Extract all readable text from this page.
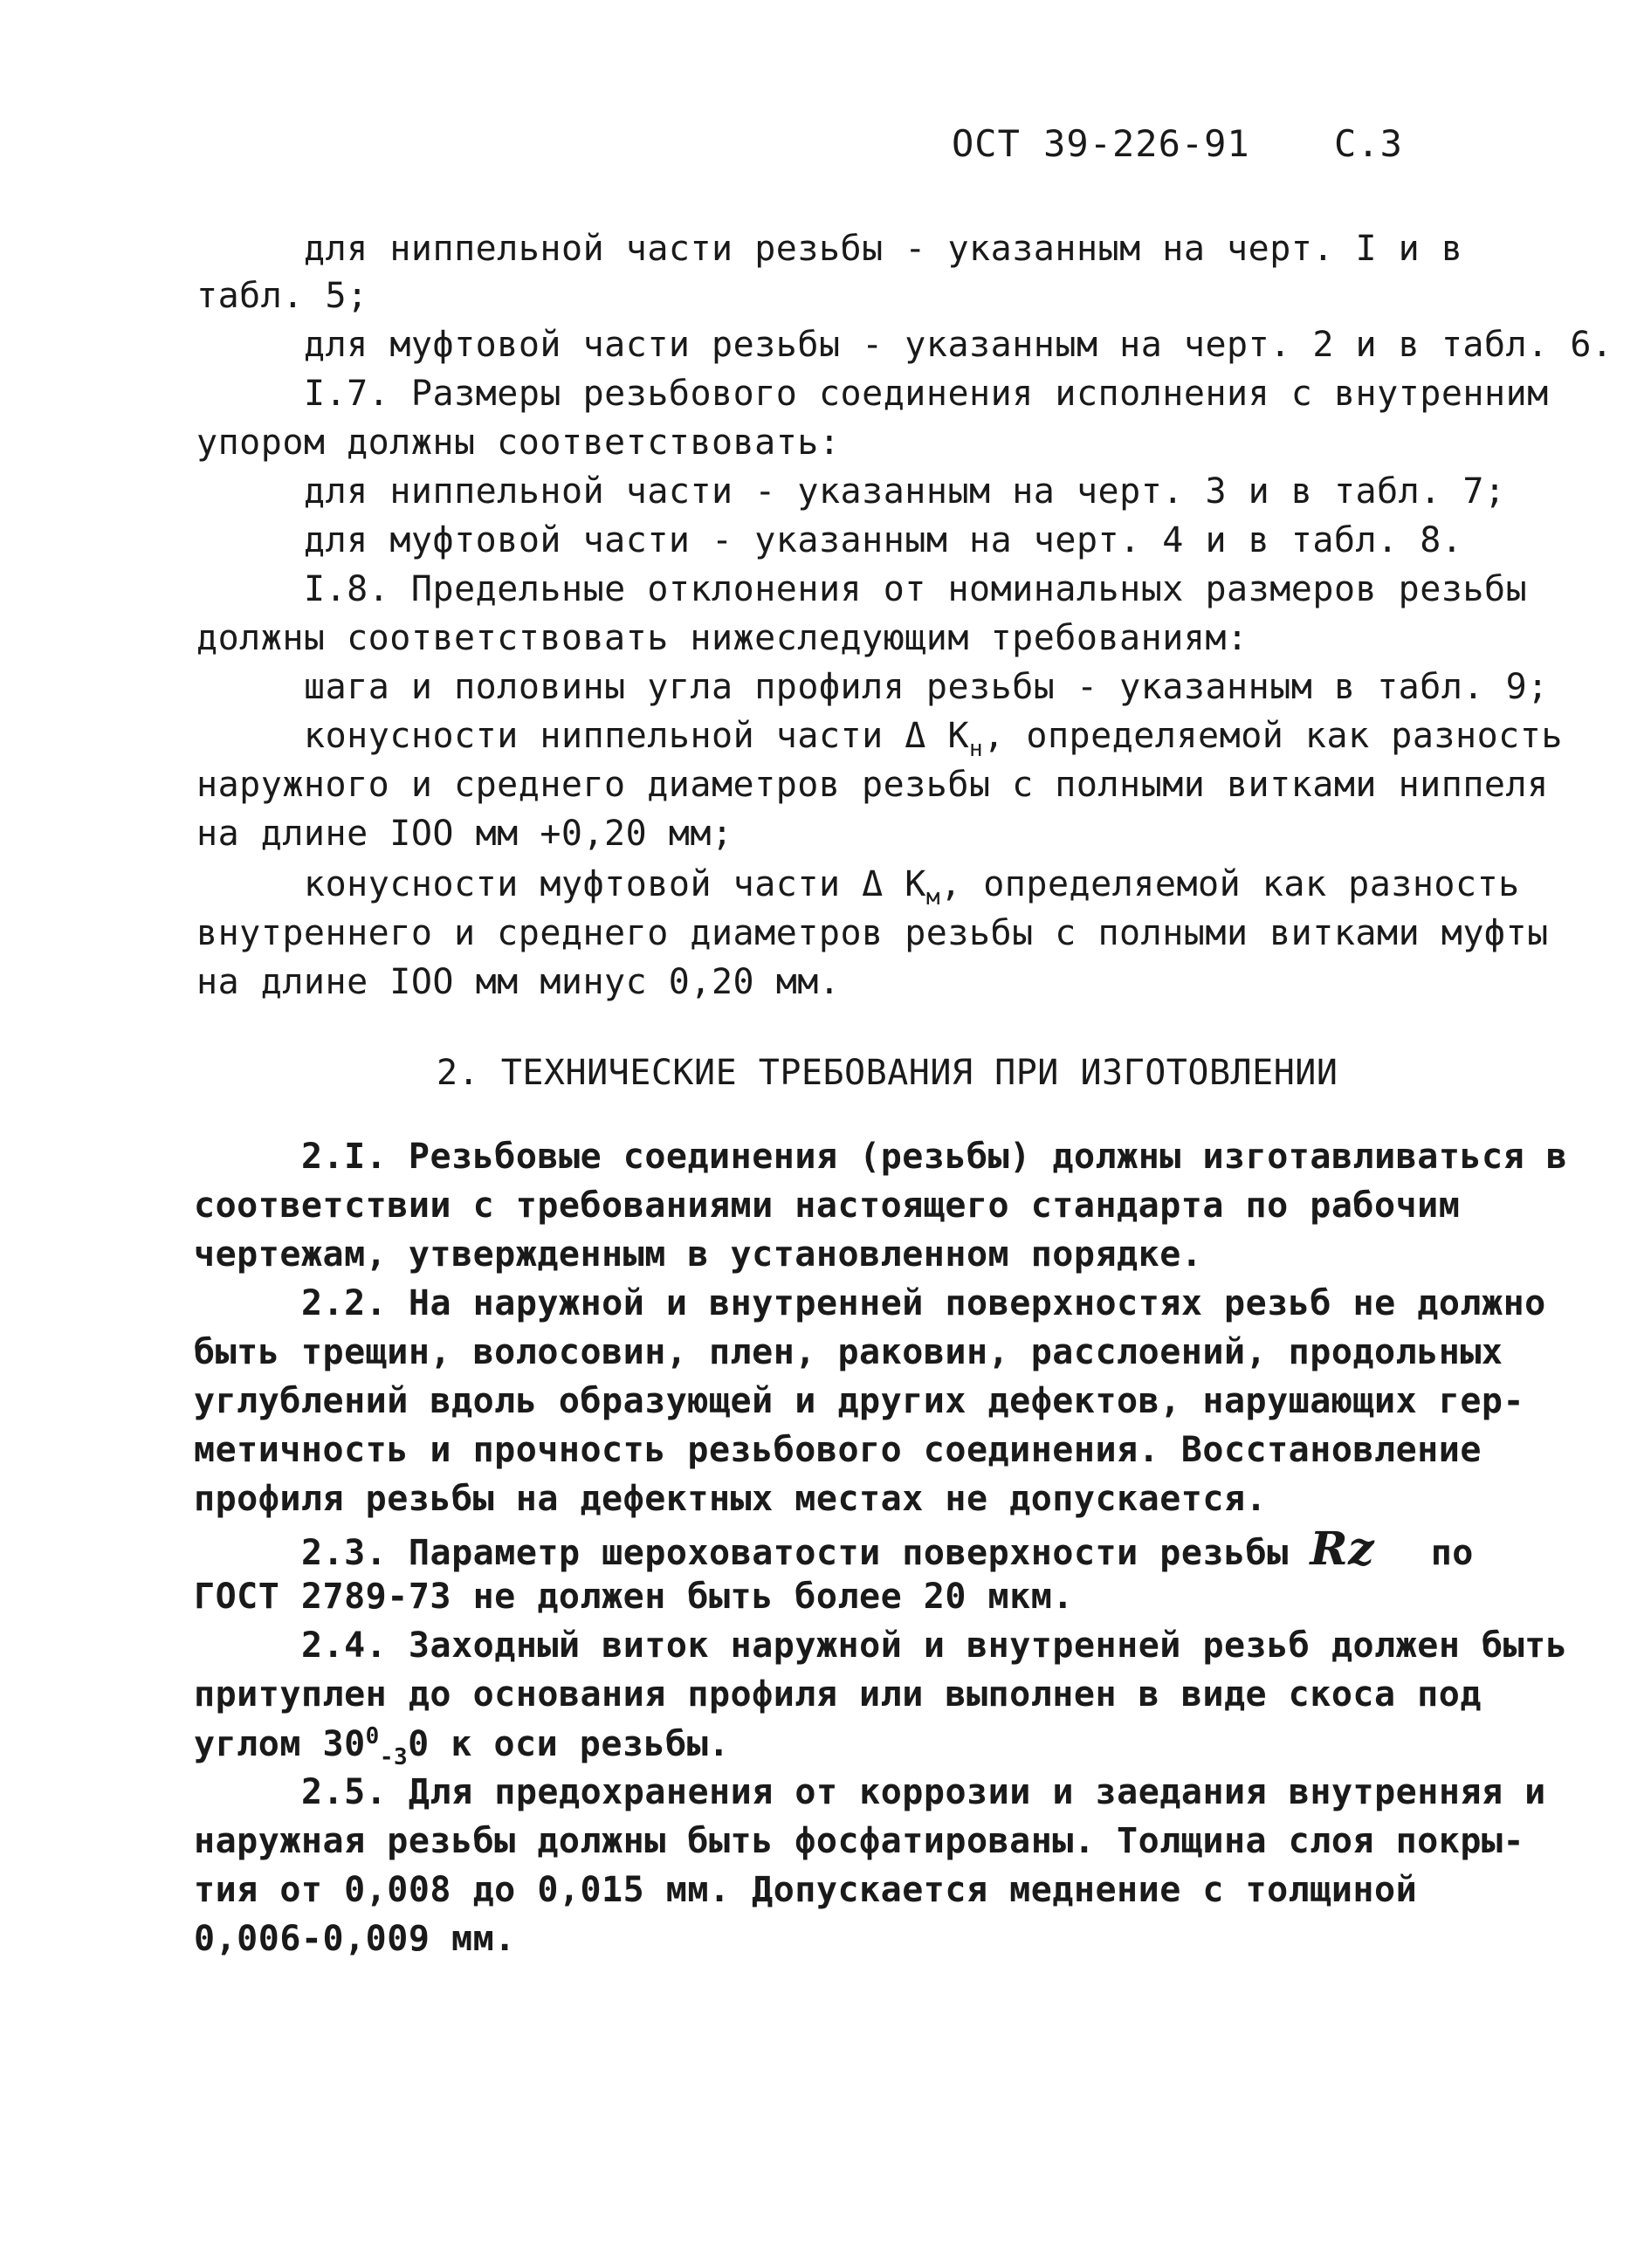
ОСТ 39-226-91 С.3
для ниппельной части резьбы - указанным на черт. I и в
табл. 5;
для муфтовой части резьбы - указанным на черт. 2 и в табл. 6.
I.7. Размеры резьбового соединения исполнения с внутренним
упором должны соответствовать:
для ниппельной части - указанным на черт. 3 и в табл. 7;
для муфтовой части - указанным на черт. 4 и в табл. 8.
I.8. Предельные отклонения от номинальных размеров резьбы
должны соответствовать нижеследующим требованиям:
шага и половины угла профиля резьбы - указанным в табл. 9;
конусности ниппельной части Δ $К_н$, определяемой как разность
наружного и среднего диаметров резьбы с полными витками ниппеля
на длине IOO мм +0,20 мм;
конусности муфтовой части Δ $К_м$, определяемой как разность
внутреннего и среднего диаметров резьбы с полными витками муфты
на длине IOO мм минус 0,20 мм.
2. ТЕХНИЧЕСКИЕ ТРЕБОВАНИЯ ПРИ ИЗГОТОВЛЕНИИ
2.I. Резьбовые соединения (резьбы) должны изготавливаться в
соответствии с требованиями настоящего стандарта по рабочим
чертежам, утвержденным в установленном порядке.
2.2. На наружной и внутренней поверхностях резьб не должно
быть трещин, волосовин, плен, раковин, расслоений, продольных
углублений вдоль образующей и других дефектов, нарушающих гер-
метичность и прочность резьбового соединения. Восстановление
профиля резьбы на дефектных местах не допускается.
2.3. Параметр шероховатости поверхности резьбы Rz по
ГОСТ 2789-73 не должен быть более 20 мкм.
2.4. Заходный виток наружной и внутренней резьб должен быть
притуплен до основания профиля или выполнен в виде скоса под
углом $30^0_{-3}0$ к оси резьбы.
2.5. Для предохранения от коррозии и заедания внутренняя и
наружная резьбы должны быть фосфатированы. Толщина слоя покры-
тия от 0,008 до 0,015 мм. Допускается меднение с толщиной
0,006-0,009 мм.
